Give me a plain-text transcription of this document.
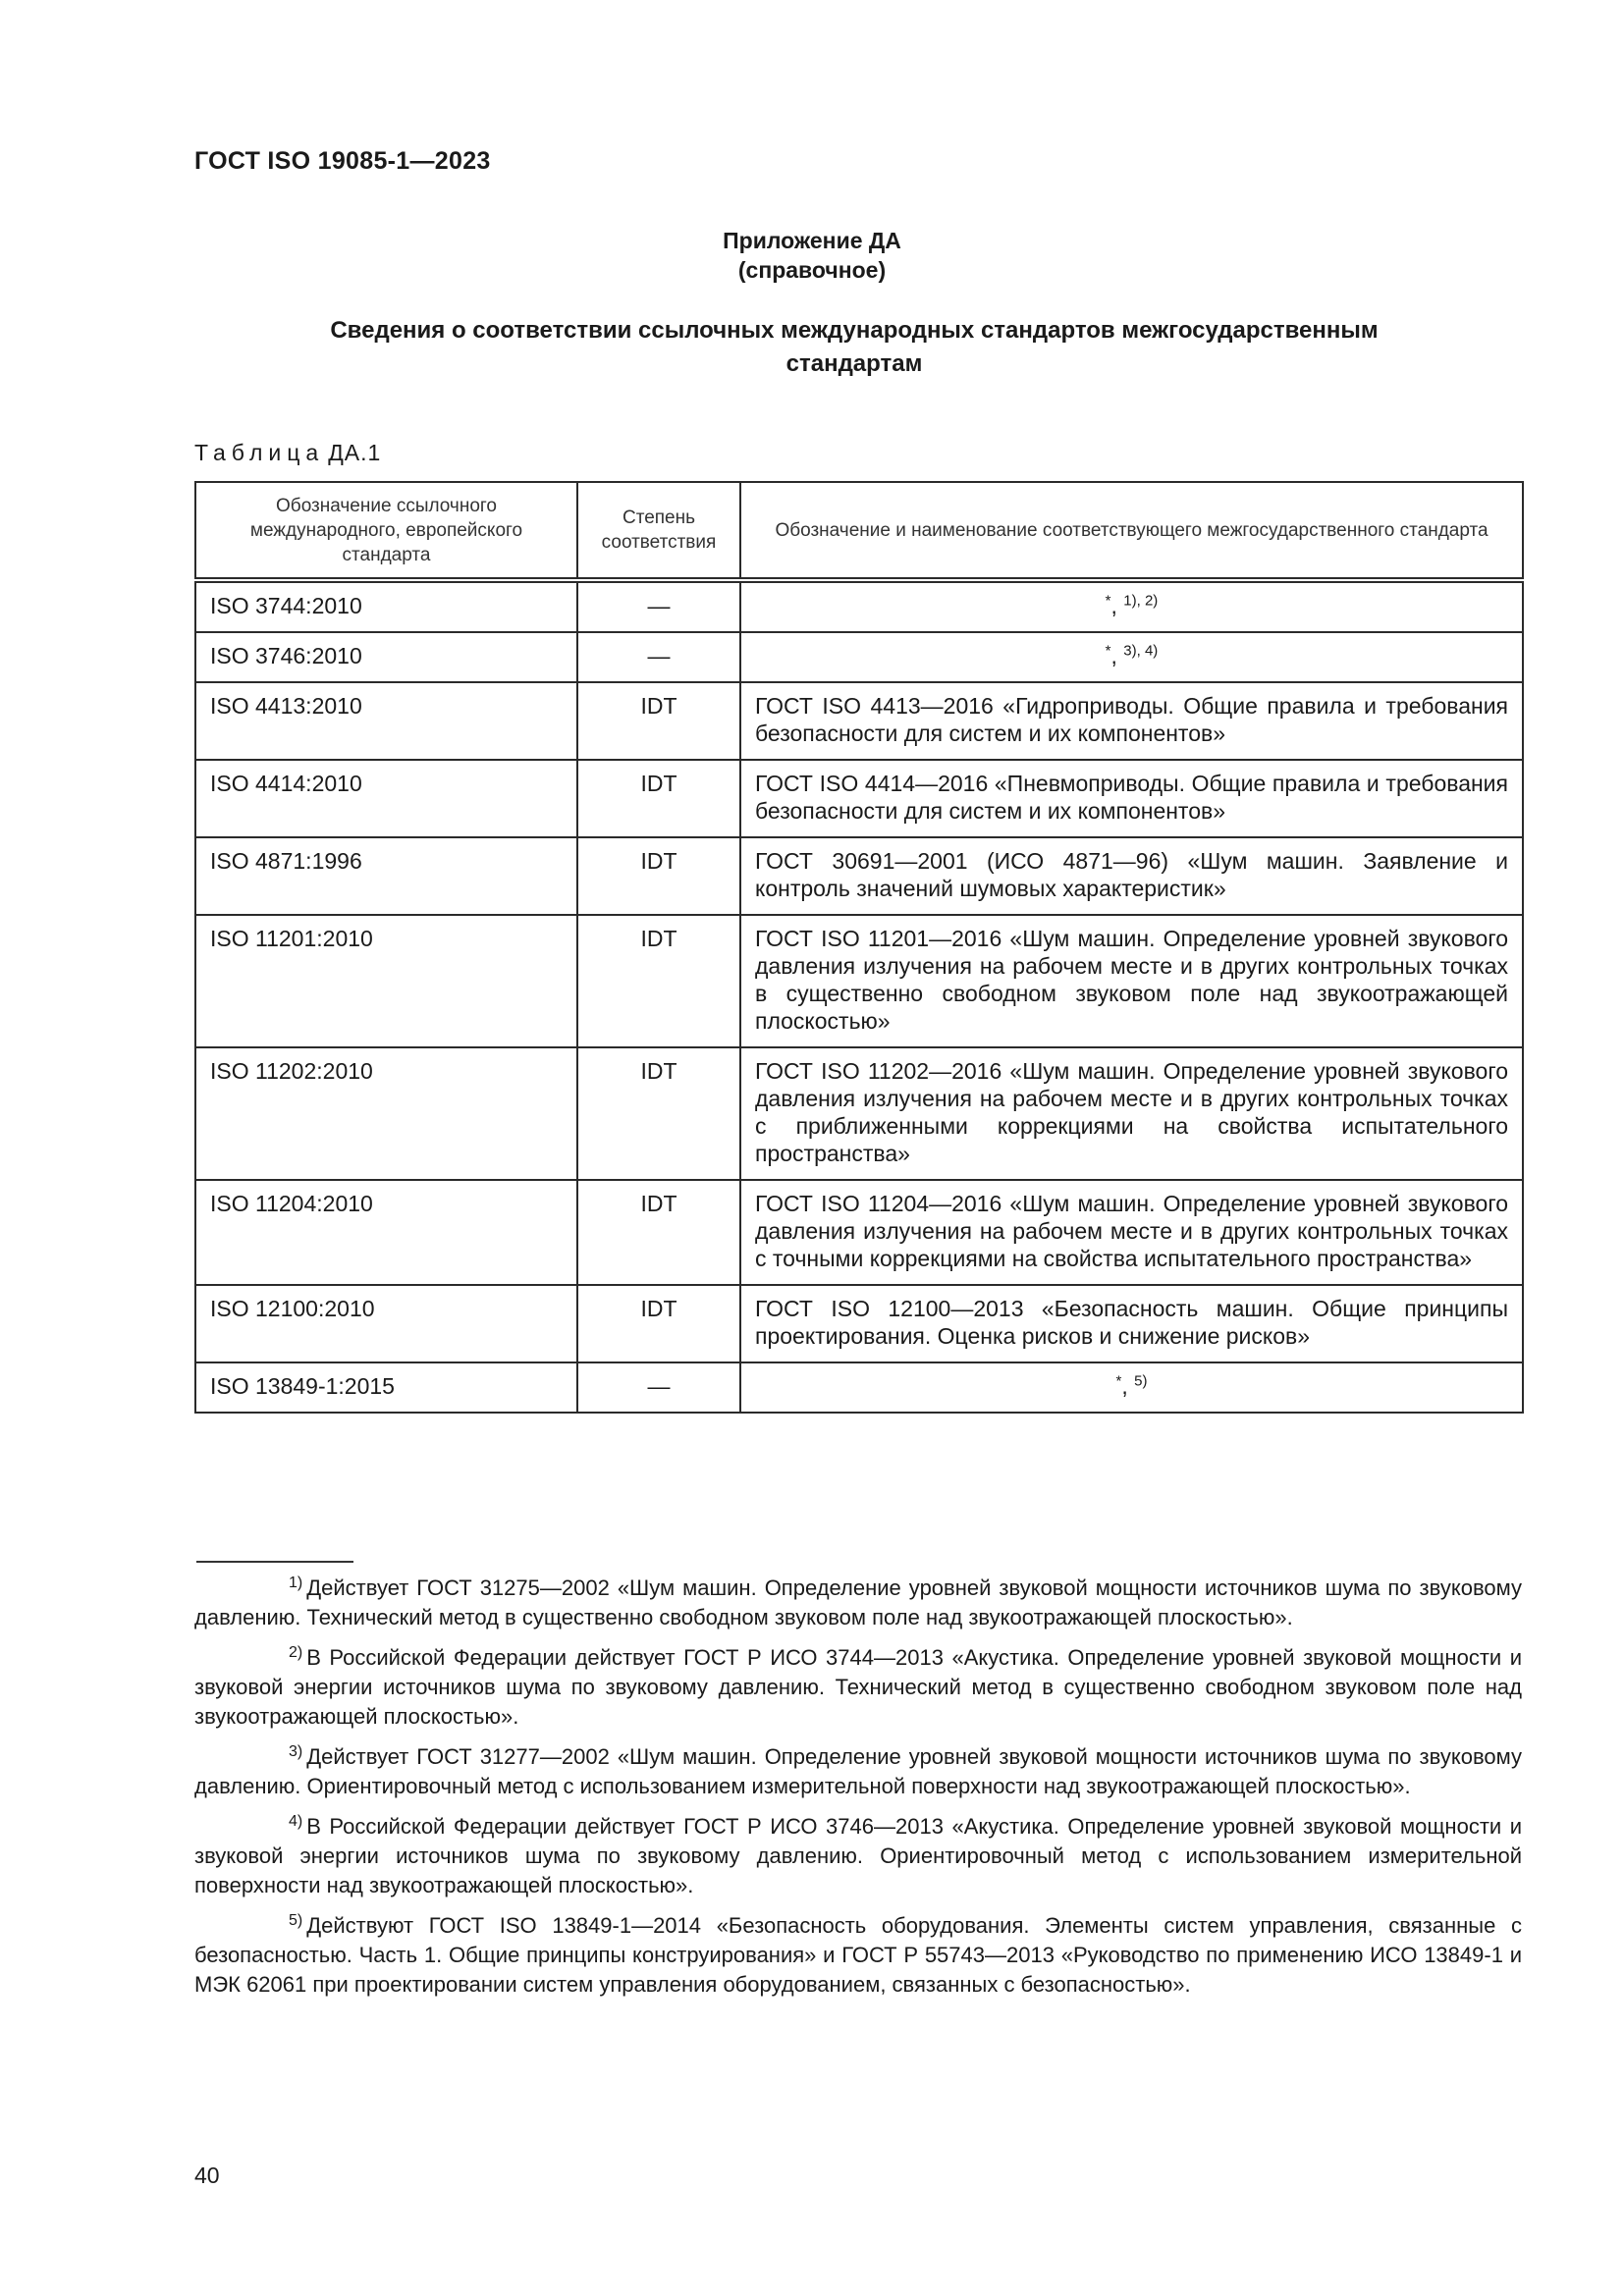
ГОСТ ISO 19085-1—2023
Приложение ДА
(справочное)
Сведения о соответствии ссылочных международных стандартов межгосударственным
стандартам
Таблица ДА.1
Обозначение ссылочного международного, европейского стандарта	Степень соответствия	Обозначение и наименование соответствующего межгосударственного стандарта
ISO 3744:2010	—	*, $^{1), 2)}$
ISO 3746:2010	—	*, $^{3), 4)}$
ISO 4413:2010	IDT	ГОСТ ISO 4413—2016 «Гидроприводы. Общие правила и требования безопасности для систем и их компонентов»
ISO 4414:2010	IDT	ГОСТ ISO 4414—2016 «Пневмоприводы. Общие правила и требования безопасности для систем и их компонентов»
ISO 4871:1996	IDT	ГОСТ 30691—2001 (ИСО 4871—96) «Шум машин. Заявление и контроль значений шумовых характеристик»
ISO 11201:2010	IDT	ГОСТ ISO 11201—2016 «Шум машин. Определение уровней звукового давления излучения на рабочем месте и в других контрольных точках в существенно свободном звуковом поле над звукоотражающей плоскостью»
ISO 11202:2010	IDT	ГОСТ ISO 11202—2016 «Шум машин. Определение уровней звукового давления излучения на рабочем месте и в других контрольных точках с приближенными коррекциями на свойства испытательного пространства»
ISO 11204:2010	IDT	ГОСТ ISO 11204—2016 «Шум машин. Определение уровней звукового давления излучения на рабочем месте и в других контрольных точках с точными коррекциями на свойства испытательного пространства»
ISO 12100:2010	IDT	ГОСТ ISO 12100—2013 «Безопасность машин. Общие принципы проектирования. Оценка рисков и снижение рисков»
ISO 13849-1:2015	—	*, $^{5)}$

$^{1)}$ Действует ГОСТ 31275—2002 «Шум машин. Определение уровней звуковой мощности источников шума по звуковому давлению. Технический метод в существенно свободном звуковом поле над звукоотражающей плоскостью».

$^{2)}$ В Российской Федерации действует ГОСТ Р ИСО 3744—2013 «Акустика. Определение уровней звуковой мощности и звуковой энергии источников шума по звуковому давлению. Технический метод в существенно свободном звуковом поле над звукоотражающей плоскостью».

$^{3)}$ Действует ГОСТ 31277—2002 «Шум машин. Определение уровней звуковой мощности источников шума по звуковому давлению. Ориентировочный метод с использованием измерительной поверхности над звукоотражающей плоскостью».

$^{4)}$ В Российской Федерации действует ГОСТ Р ИСО 3746—2013 «Акустика. Определение уровней звуковой мощности и звуковой энергии источников шума по звуковому давлению. Ориентировочный метод с использованием измерительной поверхности над звукоотражающей плоскостью».

$^{5)}$ Действуют ГОСТ ISO 13849-1—2014 «Безопасность оборудования. Элементы систем управления, связанные с безопасностью. Часть 1. Общие принципы конструирования» и ГОСТ Р 55743—2013 «Руководство по применению ИСО 13849-1 и МЭК 62061 при проектировании систем управления оборудованием, связанных с безопасностью».

40
